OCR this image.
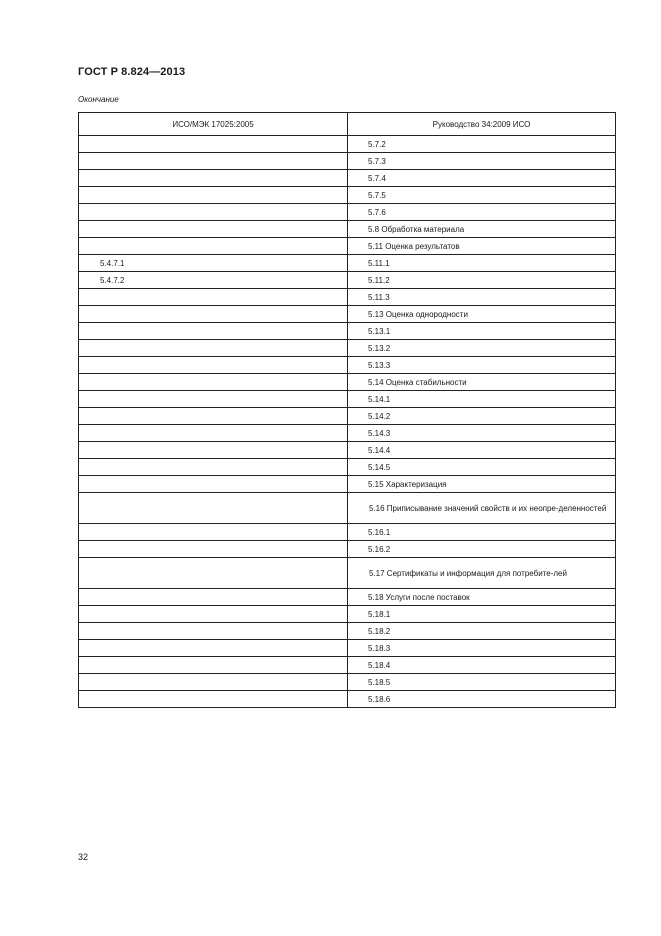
ГОСТ Р 8.824—2013
Окончание
ИСО/МЭК 17025:2005	Руководство 34:2009 ИСО
	5.7.2
	5.7.3
	5.7.4
	5.7.5
	5.7.6
	5.8 Обработка материала
	5.11 Оценка результатов
5.4.7.1	5.11.1
5.4.7.2	5.11.2
	5.11.3
	5.13 Оценка однородности
	5.13.1
	5.13.2
	5.13.3
	5.14 Оценка стабильности
	5.14.1
	5.14.2
	5.14.3
	5.14.4
	5.14.5
	5.15 Характеризация
	5.16 Приписывание значений свойств и их неопре-деленностей
	5.16.1
	5.16.2
	5.17 Сертификаты и информация для потребите-лей
	5.18 Услуги после поставок
	5.18.1
	5.18.2
	5.18.3
	5.18.4
	5.18.5
	5.18.6
32
